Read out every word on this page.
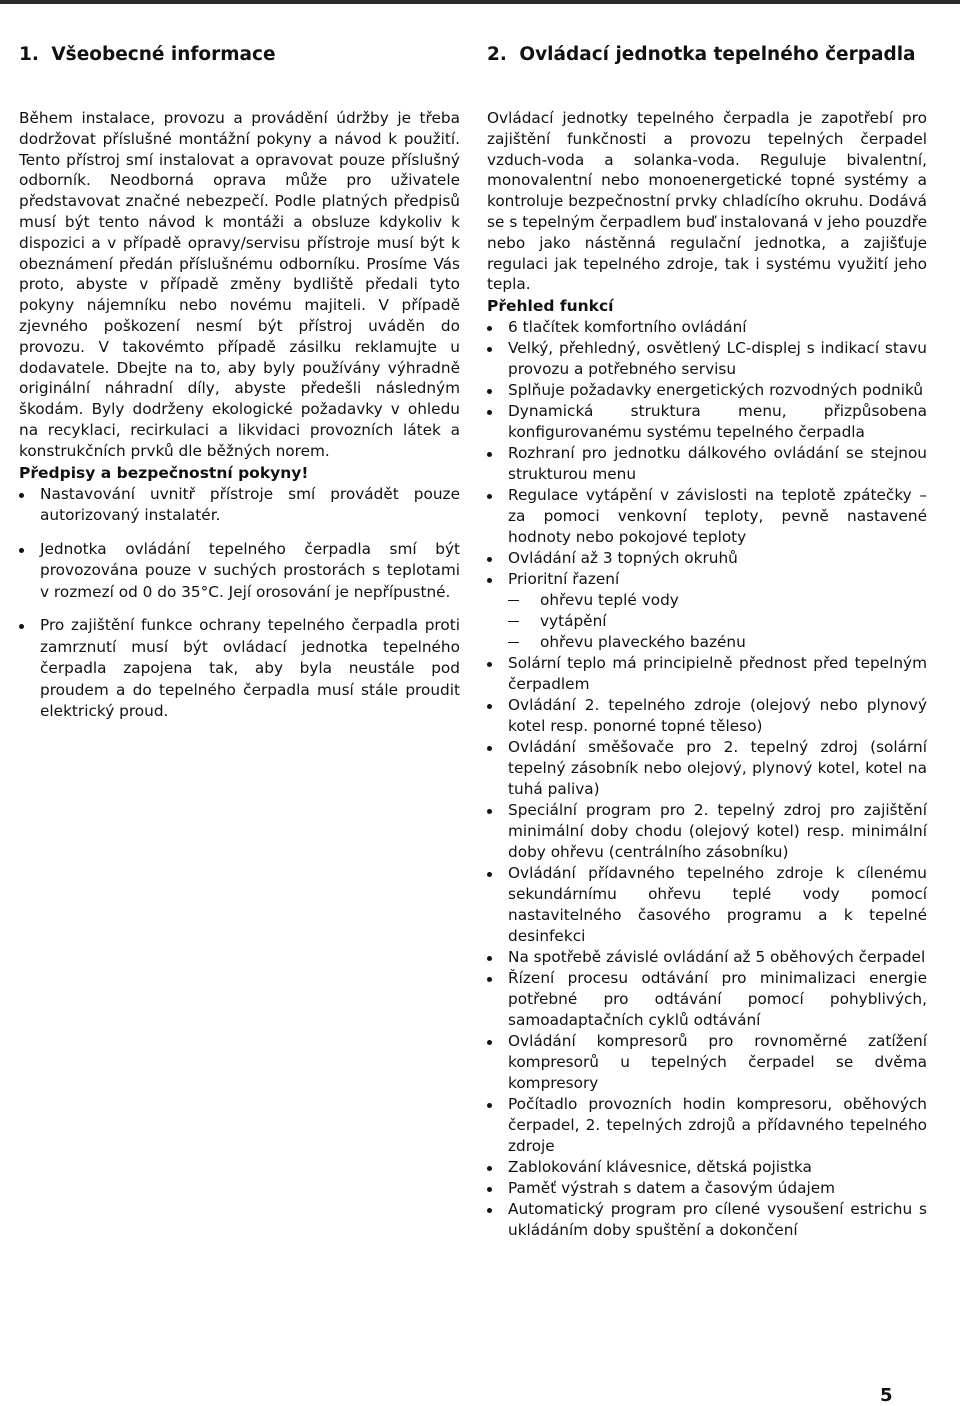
1. Všeobecné informace

Během instalace, provozu a provádění údržby je třeba dodržovat příslušné montážní pokyny a návod k použití. Tento přístroj smí instalovat a opravovat pouze příslušný odborník. Neodborná oprava může pro uživatele představovat značné nebezpečí. Podle platných předpisů musí být tento návod k montáži a obsluze kdykoliv k dispozici a v případě opravy/servisu přístroje musí být k obeznámení předán příslušnému odborníku. Prosíme Vás proto, abyste v případě změny bydliště předali tyto pokyny nájemníku nebo novému majiteli. V případě zjevného poškození nesmí být přístroj uváděn do provozu. V takovémto případě zásilku reklamujte u dodavatele. Dbejte na to, aby byly používány výhradně originální náhradní díly, abyste předešli následným škodám. Byly dodrženy ekologické požadavky v ohledu na recyklaci, recirkulaci a likvidaci provozních látek a konstrukčních prvků dle běžných norem.

Předpisy a bezpečnostní pokyny!
Nastavování uvnitř přístroje smí provádět pouze autorizovaný instalatér.
Jednotka ovládání tepelného čerpadla smí být provozována pouze v suchých prostorách s teplotami v rozmezí od 0 do 35°C. Její orosování je nepřípustné.
Pro zajištění funkce ochrany tepelného čerpadla proti zamrznutí musí být ovládací jednotka tepelného čerpadla zapojena tak, aby byla neustále pod proudem a do tepelného čerpadla musí stále proudit elektrický proud.
2. Ovládací jednotka tepelného čerpadla

Ovládací jednotky tepelného čerpadla je zapotřebí pro zajištění funkčnosti a provozu tepelných čerpadel vzduch-voda a solanka-voda. Reguluje bivalentní, monovalentní nebo monoenergetické topné systémy a kontroluje bezpečnostní prvky chladícího okruhu. Dodává se s tepelným čerpadlem buď instalovaná v jeho pouzdře nebo jako nástěnná regulační jednotka, a zajišťuje regulaci jak tepelného zdroje, tak i systému využití jeho tepla.

Přehled funkcí
6 tlačítek komfortního ovládání
Velký, přehledný, osvětlený LC-displej s indikací stavu provozu a potřebného servisu
Splňuje požadavky energetických rozvodných podniků
Dynamická struktura menu, přizpůsobena konfigurovanému systému tepelného čerpadla
Rozhraní pro jednotku dálkového ovládání se stejnou strukturou menu
Regulace vytápění v závislosti na teplotě zpátečky – za pomoci venkovní teploty, pevně nastavené hodnoty nebo pokojové teploty
Ovládání až 3 topných okruhů
Prioritní řazení
ohřevu teplé vody
vytápění
ohřevu plaveckého bazénu
Solární teplo má principielně přednost před tepelným čerpadlem
Ovládání 2. tepelného zdroje (olejový nebo plynový kotel resp. ponorné topné těleso)
Ovládání směšovače pro 2. tepelný zdroj (solární tepelný zásobník nebo olejový, plynový kotel, kotel na tuhá paliva)
Speciální program pro 2. tepelný zdroj pro zajištění minimální doby chodu (olejový kotel) resp. minimální doby ohřevu (centrálního zásobníku)
Ovládání přídavného tepelného zdroje k cílenému sekundárnímu ohřevu teplé vody pomocí nastavitelného časového programu a k tepelné desinfekci
Na spotřebě závislé ovládání až 5 oběhových čerpadel
Řízení procesu odtávání pro minimalizaci energie potřebné pro odtávání pomocí pohyblivých, samoadaptačních cyklů odtávání
Ovládání kompresorů pro rovnoměrné zatížení kompresorů u tepelných čerpadel se dvěma kompresory
Počítadlo provozních hodin kompresoru, oběhových čerpadel, 2. tepelných zdrojů a přídavného tepelného zdroje
Zablokování klávesnice, dětská pojistka
Paměť výstrah s datem a časovým údajem
Automatický program pro cílené vysoušení estrichu s ukládáním doby spuštění a dokončení
5
